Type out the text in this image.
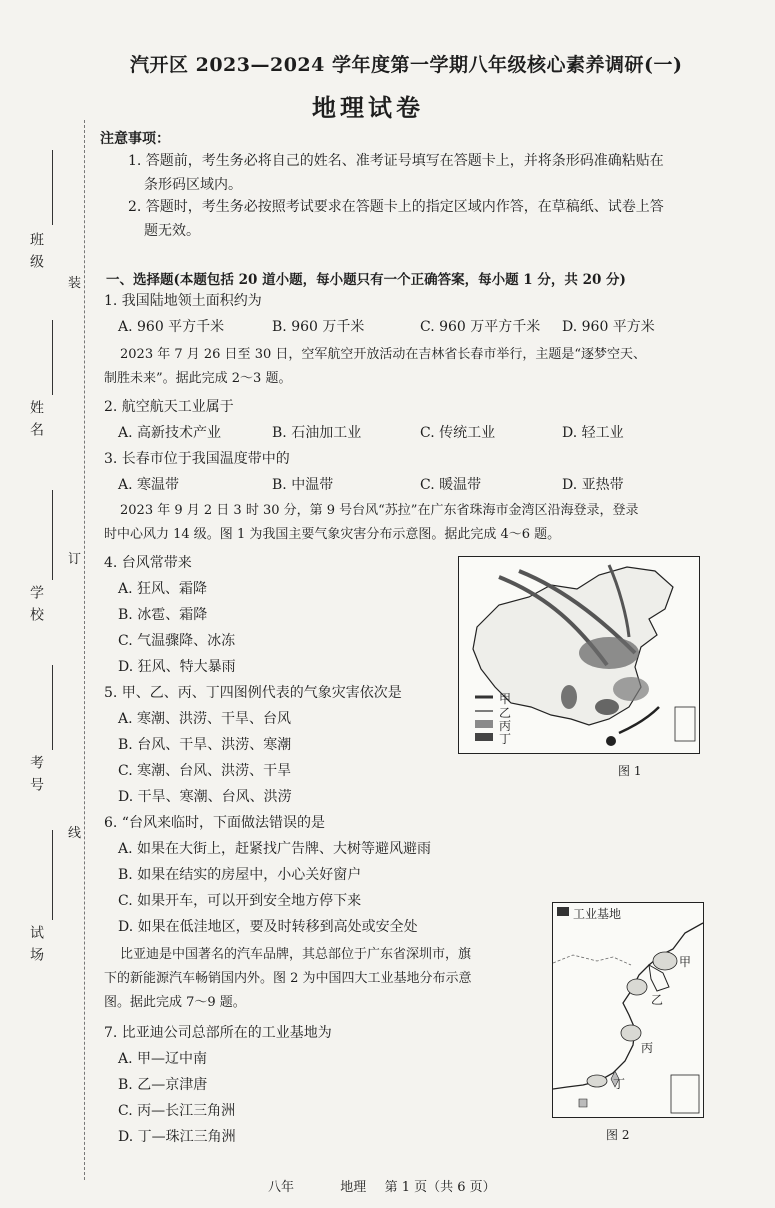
装
订
线
班级
姓名
学校
考号
试场
汽开区 2023—2024 学年度第一学期八年级核心素养调研(一)
地理试卷
注意事项：
1. 答题前，考生务必将自己的姓名、准考证号填写在答题卡上，并将条形码准确粘贴在
条形码区域内。
2. 答题时，考生务必按照考试要求在答题卡上的指定区域内作答，在草稿纸、试卷上答
题无效。
一、选择题(本题包括 20 道小题，每小题只有一个正确答案，每小题 1 分，共 20 分)
1. 我国陆地领土面积约为
A. 960 平方千米	B. 960 万千米	C. 960 万平方千米 D. 960 平方米
2023 年 7 月 26 日至 30 日，空军航空开放活动在吉林省长春市举行，主题是“逐梦空天、
制胜未来”。据此完成 2～3 题。
2. 航空航天工业属于
A. 高新技术产业	B. 石油加工业	C. 传统工业	D. 轻工业
3. 长春市位于我国温度带中的
A. 寒温带	B. 中温带	C. 暖温带	D. 亚热带
2023 年 9 月 2 日 3 时 30 分，第 9 号台风“苏拉”在广东省珠海市金湾区沿海登录，登录
时中心风力 14 级。图 1 为我国主要气象灾害分布示意图。据此完成 4～6 题。
4. 台风常带来
A. 狂风、霜降
B. 冰雹、霜降
C. 气温骤降、冰冻
D. 狂风、特大暴雨
5. 甲、乙、丙、丁四图例代表的气象灾害依次是
A. 寒潮、洪涝、干旱、台风
B. 台风、干旱、洪涝、寒潮
C. 寒潮、台风、洪涝、干旱
D. 干旱、寒潮、台风、洪涝
6. “台风来临时，下面做法错误的是
A. 如果在大街上，赶紧找广告牌、大树等避风避雨
B. 如果在结实的房屋中，小心关好窗户
C. 如果开车，可以开到安全地方停下来
D. 如果在低洼地区，要及时转移到高处或安全处
比亚迪是中国著名的汽车品牌，其总部位于广东省深圳市，旗
下的新能源汽车畅销国内外。图 2 为中国四大工业基地分布示意
图。据此完成 7～9 题。
7. 比亚迪公司总部所在的工业基地为
A. 甲—辽中南
B. 乙—京津唐
C. 丙—长江三角洲
D. 丁—珠江三角洲
甲
乙
丙
丁
图 1
工业基地
甲
乙
丙
丁
图 2
八年	地理 第 1 页（共 6 页）
